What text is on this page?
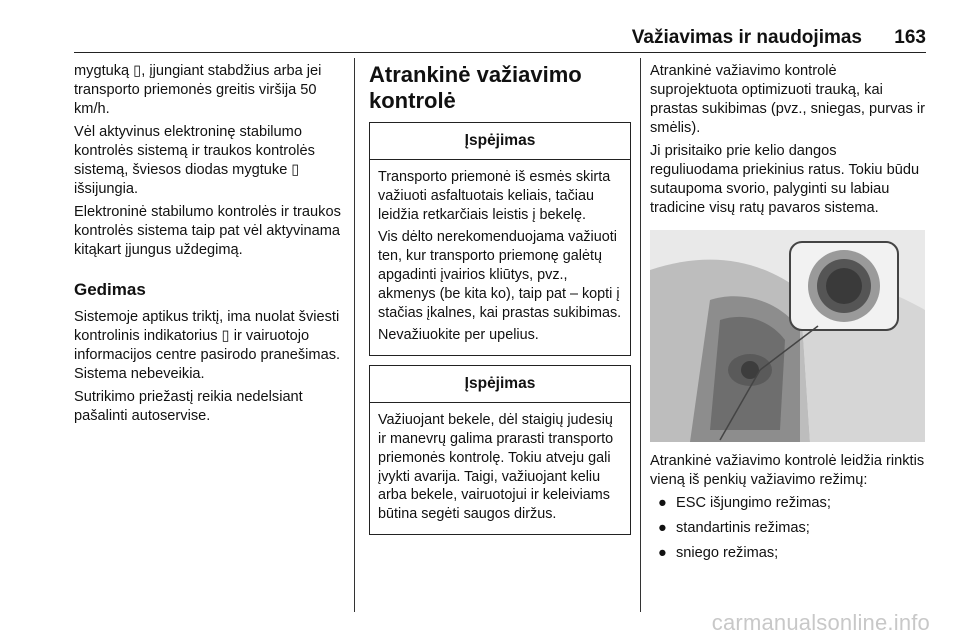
Važiavimas ir naudojimas 163

mygtuką ▯, įjungiant stabdžius arba jei transporto priemonės greitis viršija 50 km/h.

Vėl aktyvinus elektroninę stabilumo kontrolės sistemą ir traukos kontrolės sistemą, šviesos diodas mygtuke ▯ išsijungia.

Elektroninė stabilumo kontrolės ir traukos kontrolės sistema taip pat vėl aktyvinama kitąkart įjungus uždegimą.

Gedimas

Sistemoje aptikus triktį, ima nuolat šviesti kontrolinis indikatorius ▯ ir vairuotojo informacijos centre pasirodo pranešimas. Sistema nebeveikia.

Sutrikimo priežastį reikia nedelsiant pašalinti autoservise.

Atrankinė važiavimo
kontrolė
Įspėjimas

Transporto priemonė iš esmės skirta važiuoti asfaltuotais keliais, tačiau leidžia retkarčiais leistis į bekelę.

Vis dėlto nerekomenduojama važiuoti ten, kur transporto priemonę galėtų apgadinti įvairios kliūtys, pvz., akmenys (be kita ko), taip pat – kopti į stačias įkalnes, kai prastas sukibimas.

Nevažiuokite per upelius.

Įspėjimas

Važiuojant bekele, dėl staigių judesių ir manevrų galima prarasti transporto priemonės kontrolę. Tokiu atveju gali įvykti avarija. Taigi, važiuojant keliu arba bekele, vairuotojui ir keleiviams būtina segėti saugos diržus.

Atrankinė važiavimo kontrolė suprojektuota optimizuoti trauką, kai prastas sukibimas (pvz., sniegas, purvas ir smėlis).

Ji prisitaiko prie kelio dangos reguliuodama priekinius ratus. Tokiu būdu sutaupoma svorio, palyginti su labiau tradicine visų ratų pavaros sistema.

Atrankinė važiavimo kontrolė leidžia rinktis vieną iš penkių važiavimo režimų:

● ESC išjungimo režimas;
● standartinis režimas;
● sniego režimas;
carmanualsonline.info
